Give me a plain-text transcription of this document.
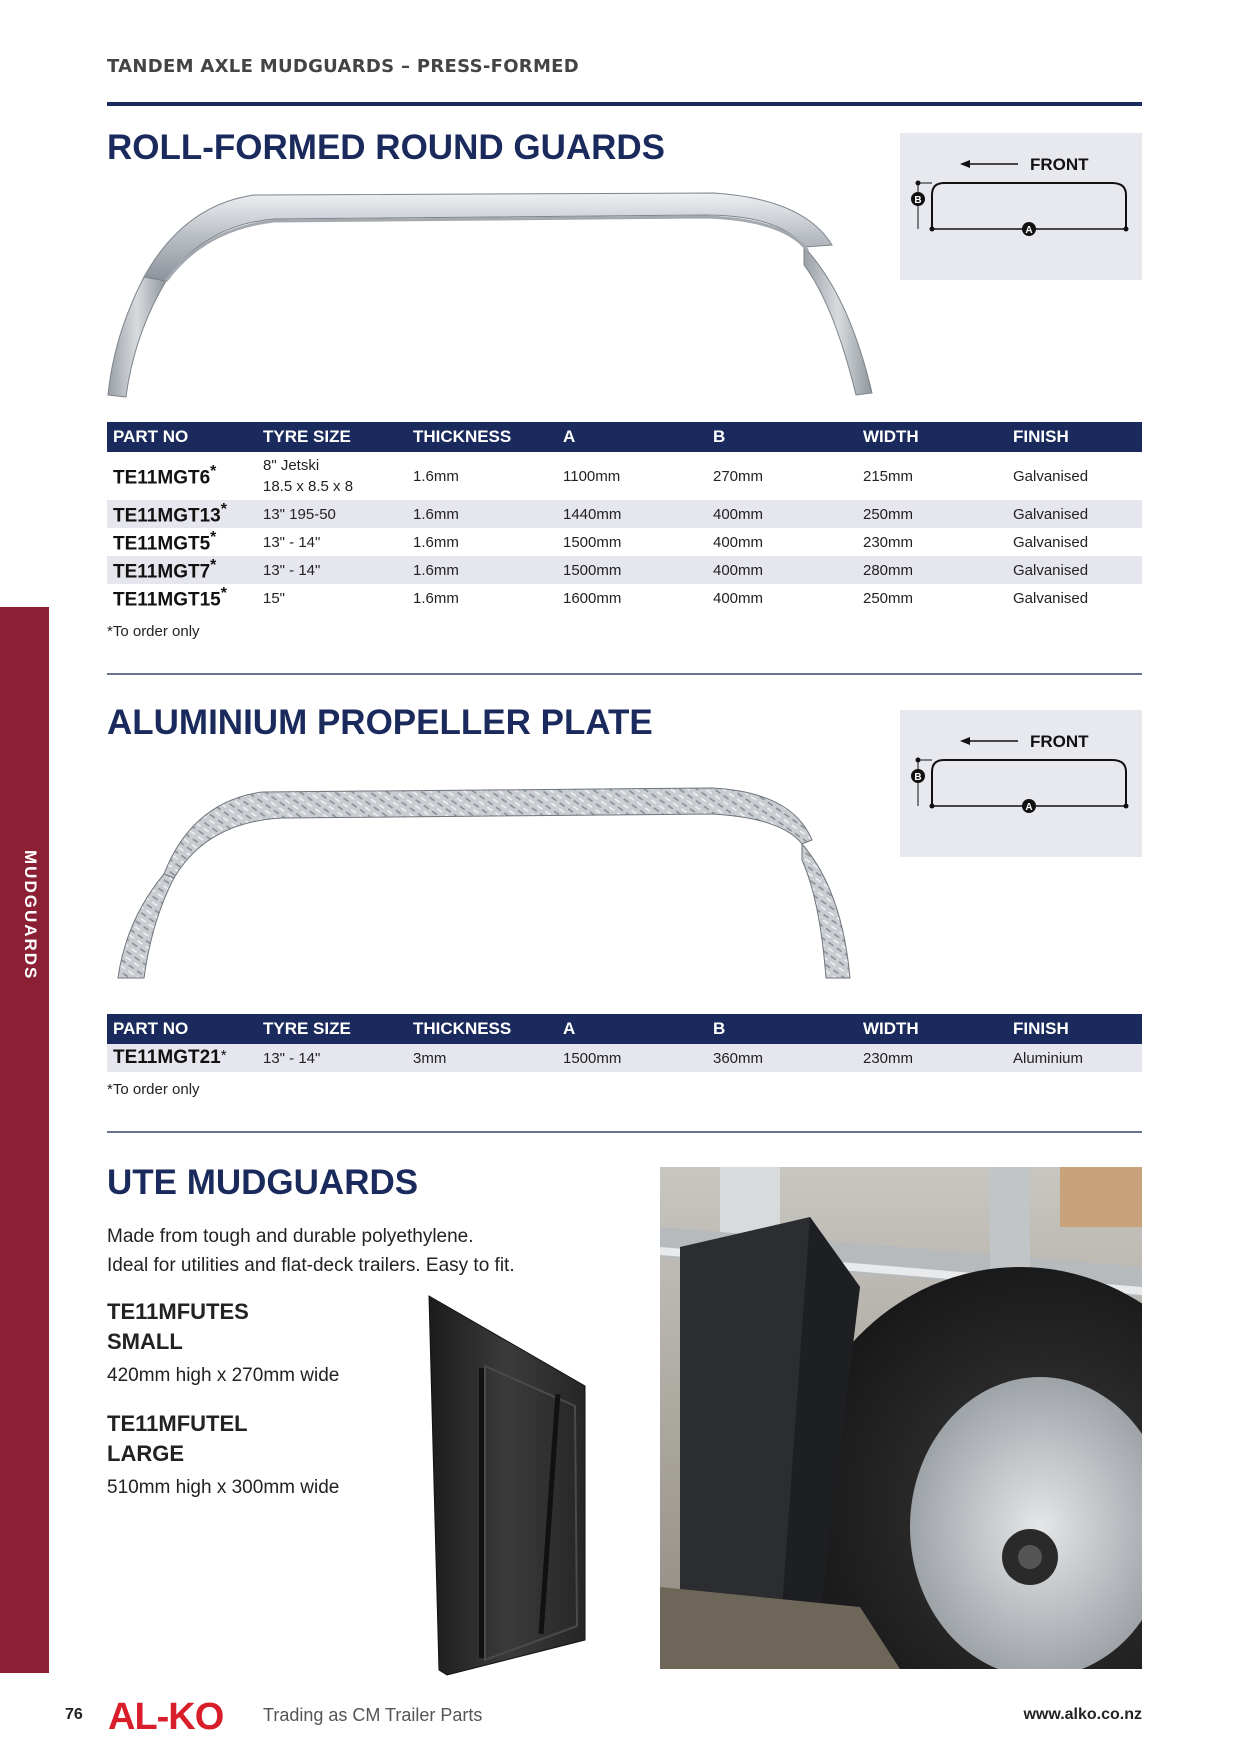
TANDEM AXLE MUDGUARDS – PRESS-FORMED
MUDGUARDS
ROLL-FORMED ROUND GUARDS	FRONT
B
A
PART NO	TYRE SIZE	THICKNESS	A	B	WIDTH	FINISH
TE11MGT6*	8" Jetski
18.5 x 8.5 x 8	1.6mm	1100mm	270mm	215mm	Galvanised
TE11MGT13*	13" 195-50	1.6mm	1440mm	400mm	250mm	Galvanised
TE11MGT5*	13" - 14"	1.6mm	1500mm	400mm	230mm	Galvanised
TE11MGT7*	13" - 14"	1.6mm	1500mm	400mm	280mm	Galvanised
TE11MGT15*	15"	1.6mm	1600mm	400mm	250mm	Galvanised
*To order only
ALUMINIUM PROPELLER PLATE	FRONT
B
A
PART NO	TYRE SIZE	THICKNESS	A	B	WIDTH	FINISH
TE11MGT21*	13" - 14"	3mm	1500mm	360mm	230mm	Aluminium
*To order only
UTE MUDGUARDS
Made from tough and durable polyethylene.
Ideal for utilities and flat-deck trailers. Easy to fit.
TE11MFUTES
SMALL
420mm high x 270mm wide
TE11MFUTEL
LARGE
510mm high x 300mm wide
76 AL-KO Trading as CM Trailer Parts	www.alko.co.nz
